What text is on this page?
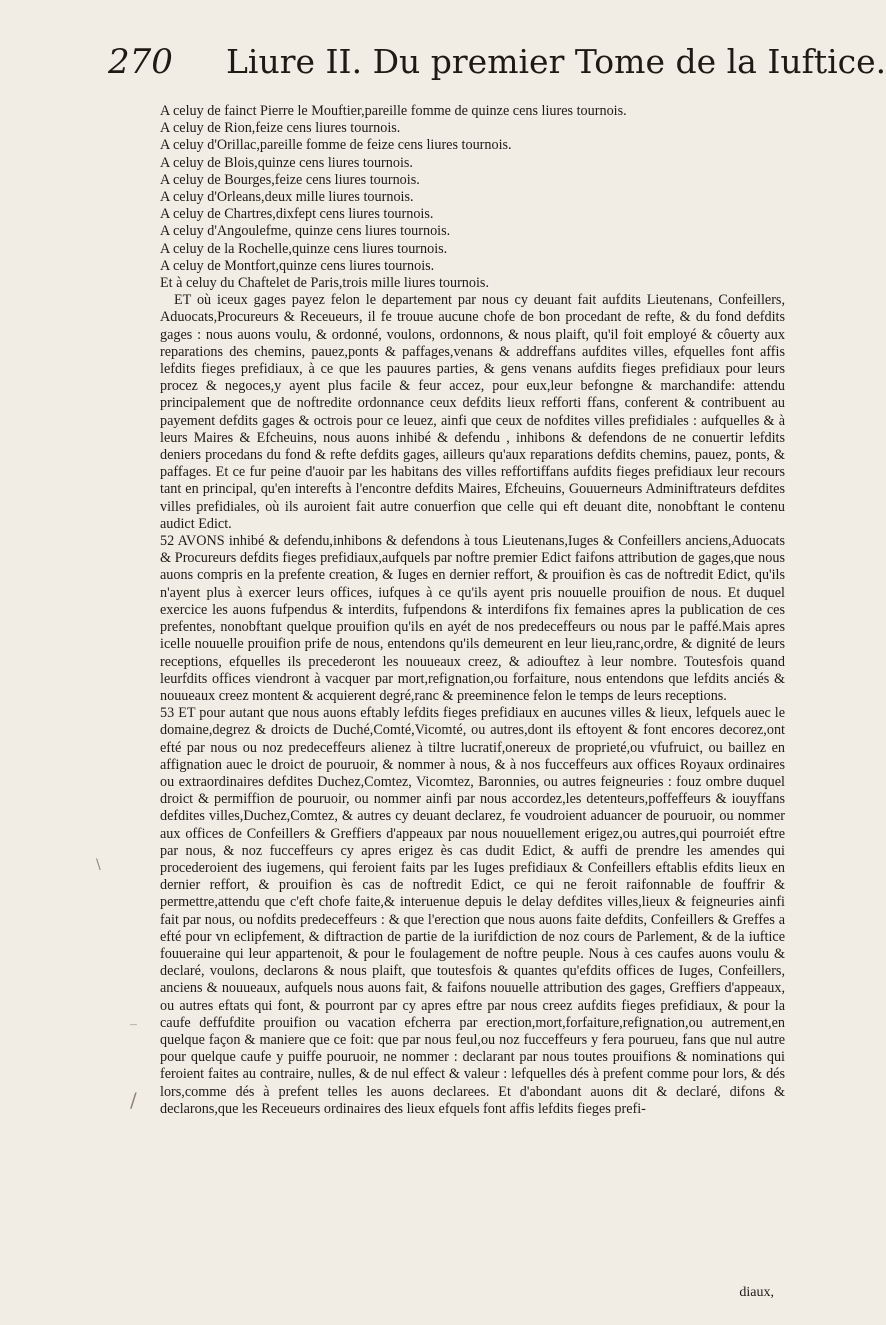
270 Liure II. Du premier Tome de la Iuftice.

A celuy de fainct Pierre le Mouftier,pareille fomme de quinze cens liures tournois.

A celuy de Rion,feize cens liures tournois.

A celuy d'Orillac,pareille fomme de feize cens liures tournois.

A celuy de Blois,quinze cens liures tournois.

A celuy de Bourges,feize cens liures tournois.

A celuy d'Orleans,deux mille liures tournois.

A celuy de Chartres,dixfept cens liures tournois.

A celuy d'Angoulefme, quinze cens liures tournois.

A celuy de la Rochelle,quinze cens liures tournois.

A celuy de Montfort,quinze cens liures tournois.

Et à celuy du Chaftelet de Paris,trois mille liures tournois.

ET où iceux gages payez felon le departement par nous cy deuant fait aufdits Lieutenans, Confeillers, Aduocats,Procureurs & Receueurs, il fe trouue aucune chofe de bon procedant de refte, & du fond defdits gages : nous auons voulu, & ordonné, voulons, ordonnons, & nous plaift, qu'il foit employé & côuerty aux reparations des chemins, pauez,ponts & paffages,venans & addreffans aufdites villes, efquelles font affis lefdits fieges prefidiaux, à ce que les pauures parties, & gens venans aufdits fieges prefidiaux pour leurs procez & negoces,y ayent plus facile & feur accez, pour eux,leur befongne & marchandife: attendu principalement que de noftredite ordonnance ceux defdits lieux refforti ffans, conferent & contribuent au payement defdits gages & octrois pour ce leuez, ainfi que ceux de nofdites villes prefidiales : aufquelles & à leurs Maires & Efcheuins, nous auons inhibé & defendu , inhibons & defendons de ne conuertir lefdits deniers procedans du fond & refte defdits gages, ailleurs qu'aux reparations defdits chemins, pauez, ponts, & paffages. Et ce fur peine d'auoir par les habitans des villes reffortiffans aufdits fieges prefidiaux leur recours tant en principal, qu'en interefts à l'encontre defdits Maires, Efcheuins, Gouuerneurs Adminiftrateurs defdites villes prefidiales, où ils auroient fait autre conuerfion que celle qui eft deuant dite, nonobftant le contenu audict Edict.

52 AVONS inhibé & defendu,inhibons & defendons à tous Lieutenans,Iuges & Confeillers anciens,Aduocats & Procureurs defdits fieges prefidiaux,aufquels par noftre premier Edict faifons attribution de gages,que nous auons compris en la prefente creation, & Iuges en dernier reffort, & prouifion ès cas de noftredit Edict, qu'ils n'ayent plus à exercer leurs offices, iufques à ce qu'ils ayent pris nouuelle prouifion de nous. Et duquel exercice les auons fufpendus & interdits, fufpendons & interdifons fix femaines apres la publication de ces prefentes, nonobftant quelque prouifion qu'ils en ayét de nos predeceffeurs ou nous par le paffé.Mais apres icelle nouuelle prouifion prife de nous, entendons qu'ils demeurent en leur lieu,ranc,ordre, & dignité de leurs receptions, efquelles ils precederont les nouueaux creez, & adiouftez à leur nombre. Toutesfois quand leurfdits offices viendront à vacquer par mort,refignation,ou forfaiture, nous entendons que lefdits anciés & nouueaux creez montent & acquierent degré,ranc & preeminence felon le temps de leurs receptions.

53 ET pour autant que nous auons eftably lefdits fieges prefidiaux en aucunes villes & lieux, lefquels auec le domaine,degrez & droicts de Duché,Comté,Vicomté, ou autres,dont ils eftoyent & font encores decorez,ont efté par nous ou noz predeceffeurs alienez à tiltre lucratif,onereux de proprieté,ou vfufruict, ou baillez en affignation auec le droict de pouruoir, & nommer à nous, & à nos fucceffeurs aux offices Royaux ordinaires ou extraordinaires defdites Duchez,Comtez, Vicomtez, Baronnies, ou autres feigneuries : fouz ombre duquel droict & permiffion de pouruoir, ou nommer ainfi par nous accordez,les detenteurs,poffeffeurs & iouyffans defdites villes,Duchez,Comtez, & autres cy deuant declarez, fe voudroient aduancer de pouruoir, ou nommer aux offices de Confeillers & Greffiers d'appeaux par nous nouuellement erigez,ou autres,qui pourroiét eftre par nous, & noz fucceffeurs cy apres erigez ès cas dudit Edict, & auffi de prendre les amendes qui procederoient des iugemens, qui feroient faits par les Iuges prefidiaux & Confeillers eftablis efdits lieux en dernier reffort, & prouifion ès cas de noftredit Edict, ce qui ne feroit raifonnable de fouffrir & permettre,attendu que c'eft chofe faite,& interuenue depuis le delay defdites villes,lieux & feigneuries ainfi fait par nous, ou nofdits predeceffeurs : & que l'erection que nous auons faite defdits, Confeillers & Greffes a efté pour vn eclipfement, & diftraction de partie de la iurifdiction de noz cours de Parlement, & de la iuftice fouueraine qui leur appartenoit, & pour le foulagement de noftre peuple. Nous à ces caufes auons voulu & declaré, voulons, declarons & nous plaift, que toutesfois & quantes qu'efdits offices de Iuges, Confeillers, anciens & nouueaux, aufquels nous auons fait, & faifons nouuelle attribution des gages, Greffiers d'appeaux, ou autres eftats qui font, & pourront par cy apres eftre par nous creez aufdits fieges prefidiaux, & pour la caufe deffufdite prouifion ou vacation efcherra par erection,mort,forfaiture,refignation,ou autrement,en quelque façon & maniere que ce foit: que par nous feul,ou noz fucceffeurs y fera pourueu, fans que nul autre pour quelque caufe y puiffe pouruoir, ne nommer : declarant par nous toutes prouifions & nominations qui feroient faites au contraire, nulles, & de nul effect & valeur : lefquelles dés à prefent comme pour lors, & dés lors,comme dés à prefent telles les auons declarees. Et d'abondant auons dit & declaré, difons & declarons,que les Receueurs ordinaires des lieux efquels font affis lefdits fieges prefi-

diaux,
\
/
_
